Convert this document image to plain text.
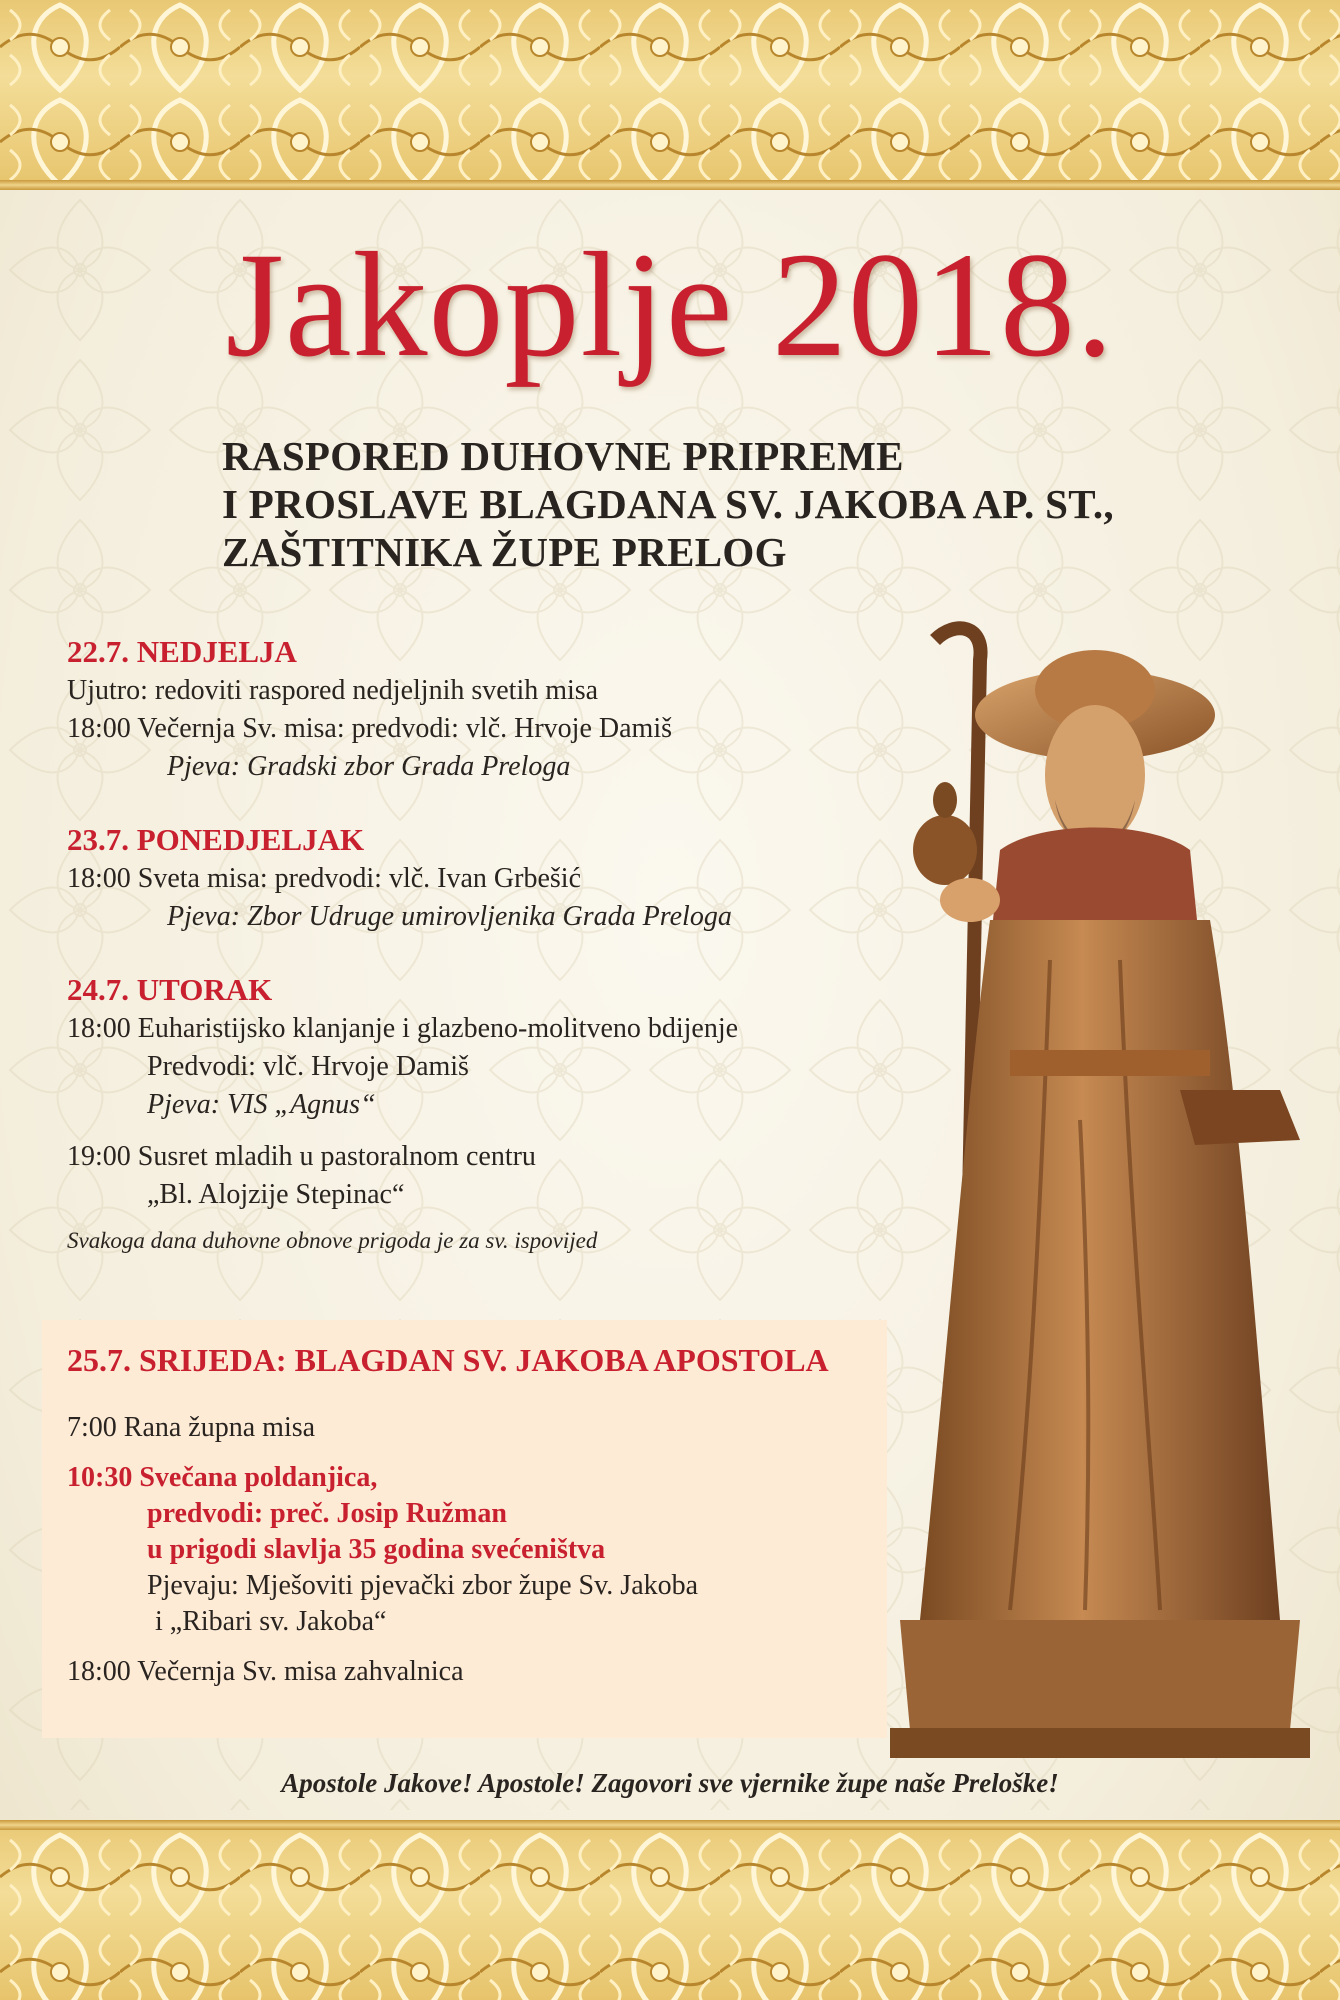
Jakoplje 2018.
RASPORED DUHOVNE PRIPREME
I PROSLAVE BLAGDANA SV. JAKOBA AP. ST.,
ZAŠTITNIKA ŽUPE PRELOG
22.7. NEDJELJA
Ujutro: redoviti raspored nedjeljnih svetih misa
18:00 Večernja Sv. misa: predvodi: vlč. Hrvoje Damiš
Pjeva: Gradski zbor Grada Preloga
23.7. PONEDJELJAK
18:00 Sveta misa: predvodi: vlč. Ivan Grbešić
Pjeva: Zbor Udruge umirovljenika Grada Preloga
24.7. UTORAK
18:00 Euharistijsko klanjanje i glazbeno-molitveno bdijenje
Predvodi: vlč. Hrvoje Damiš
Pjeva: VIS „Agnus“
19:00 Susret mladih u pastoralnom centru
„Bl. Alojzije Stepinac“
Svakoga dana duhovne obnove prigoda je za sv. ispovijed
25.7. SRIJEDA: BLAGDAN SV. JAKOBA APOSTOLA
7:00 Rana župna misa
10:30 Svečana poldanjica,
predvodi: preč. Josip Ružman
u prigodi slavlja 35 godina svećeništva
Pjevaju: Mješoviti pjevački zbor župe Sv. Jakoba
i „Ribari sv. Jakoba“
18:00 Večernja Sv. misa zahvalnica
Apostole Jakove! Apostole! Zagovori sve vjernike župe naše Preloške!
